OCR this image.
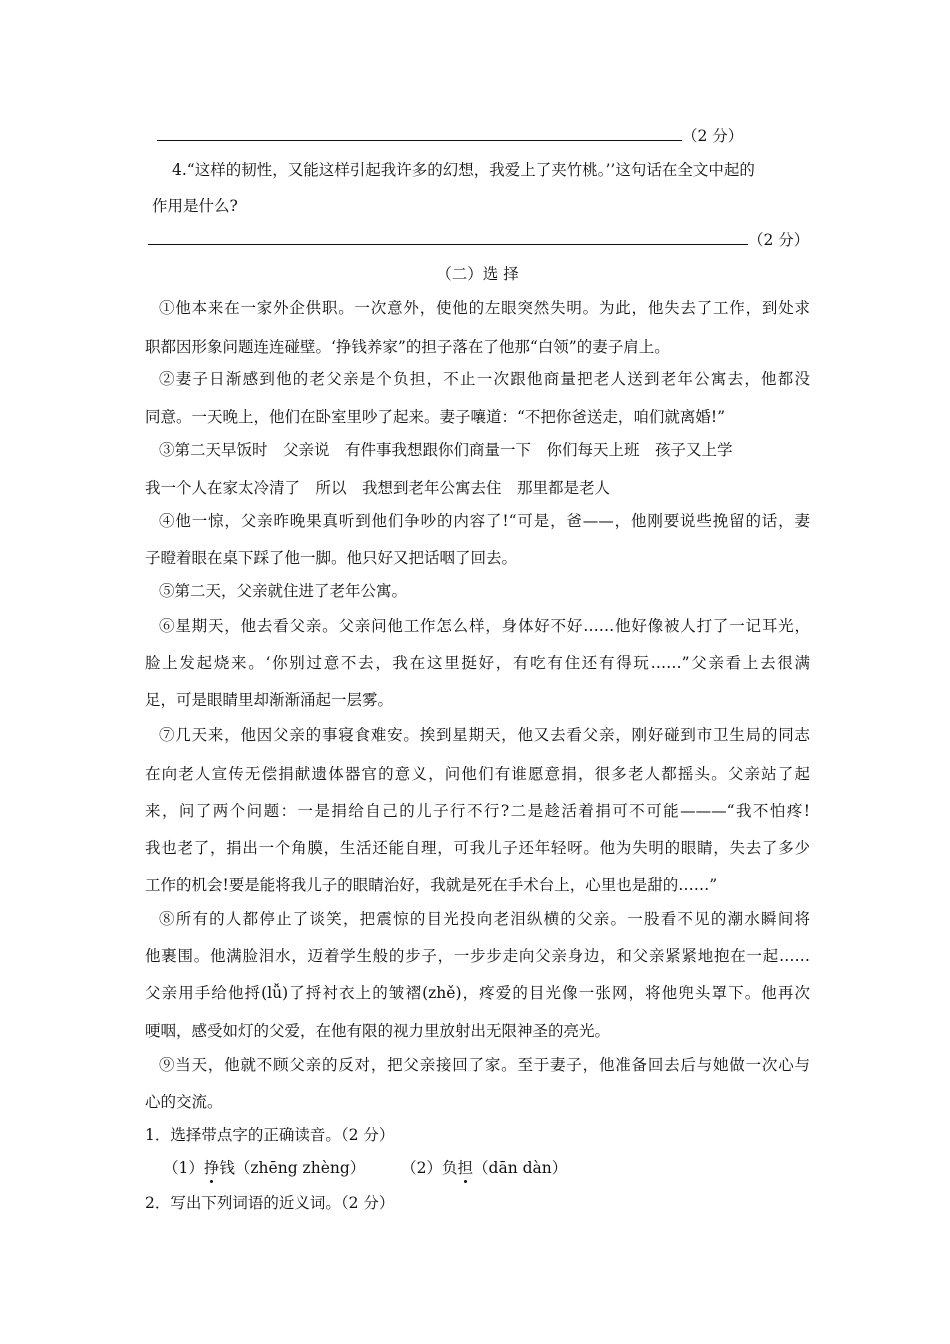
（2 分）
4.“这样的韧性，又能这样引起我许多的幻想，我爱上了夹竹桃。’’这句话在全文中起的
作用是什么?
（2 分）
（二）选 择
①他本来在一家外企供职。一次意外，使他的左眼突然失明。为此，他失去了工作，到处求
职都因形象问题连连碰壁。‘挣钱养家”的担子落在了他那“白领”的妻子肩上。
②妻子日渐感到他的老父亲是个负担，不止一次跟他商量把老人送到老年公寓去，他都没
同意。一天晚上，他们在卧室里吵了起来。妻子嚷道：“不把你爸送走，咱们就离婚!”
③第二天早饭时　父亲说　有件事我想跟你们商量一下　你们每天上班　孩子又上学
我一个人在家太冷清了　所以　我想到老年公寓去住　那里都是老人
④他一惊，父亲昨晚果真听到他们争吵的内容了!“可是，爸——，他刚要说些挽留的话，妻
子瞪着眼在桌下踩了他一脚。他只好又把话咽了回去。
⑤第二天，父亲就住进了老年公寓。
⑥星期天，他去看父亲。父亲问他工作怎么样，身体好不好……他好像被人打了一记耳光，
脸上发起烧来。‘你别过意不去，我在这里挺好，有吃有住还有得玩……”父亲看上去很满
足，可是眼睛里却渐渐涌起一层雾。
⑦几天来，他因父亲的事寝食难安。挨到星期天，他又去看父亲，刚好碰到市卫生局的同志
在向老人宣传无偿捐献遗体器官的意义，问他们有谁愿意捐，很多老人都摇头。父亲站了起
来，问了两个问题：一是捐给自己的儿子行不行?二是趁活着捐可不可能———“我不怕疼!
我也老了，捐出一个角膜，生活还能自理，可我儿子还年轻呀。他为失明的眼睛，失去了多少
工作的机会!要是能将我儿子的眼睛治好，我就是死在手术台上，心里也是甜的……”
⑧所有的人都停止了谈笑，把震惊的目光投向老泪纵横的父亲。一股看不见的潮水瞬间将
他裹围。他满脸泪水，迈着学生般的步子，一步步走向父亲身边，和父亲紧紧地抱在一起……
父亲用手给他捋(lǚ)了捋衬衣上的皱褶(zhě)，疼爱的目光像一张网，将他兜头罩下。他再次
哽咽，感受如灯的父爱，在他有限的视力里放射出无限神圣的亮光。
⑨当天，他就不顾父亲的反对，把父亲接回了家。至于妻子，他准备回去后与她做一次心与
心的交流。
1．选择带点字的正确读音。（2 分）
（1）挣钱（zhēng zhèng） （2）负担（dān dàn）
2．写出下列词语的近义词。（2 分）
